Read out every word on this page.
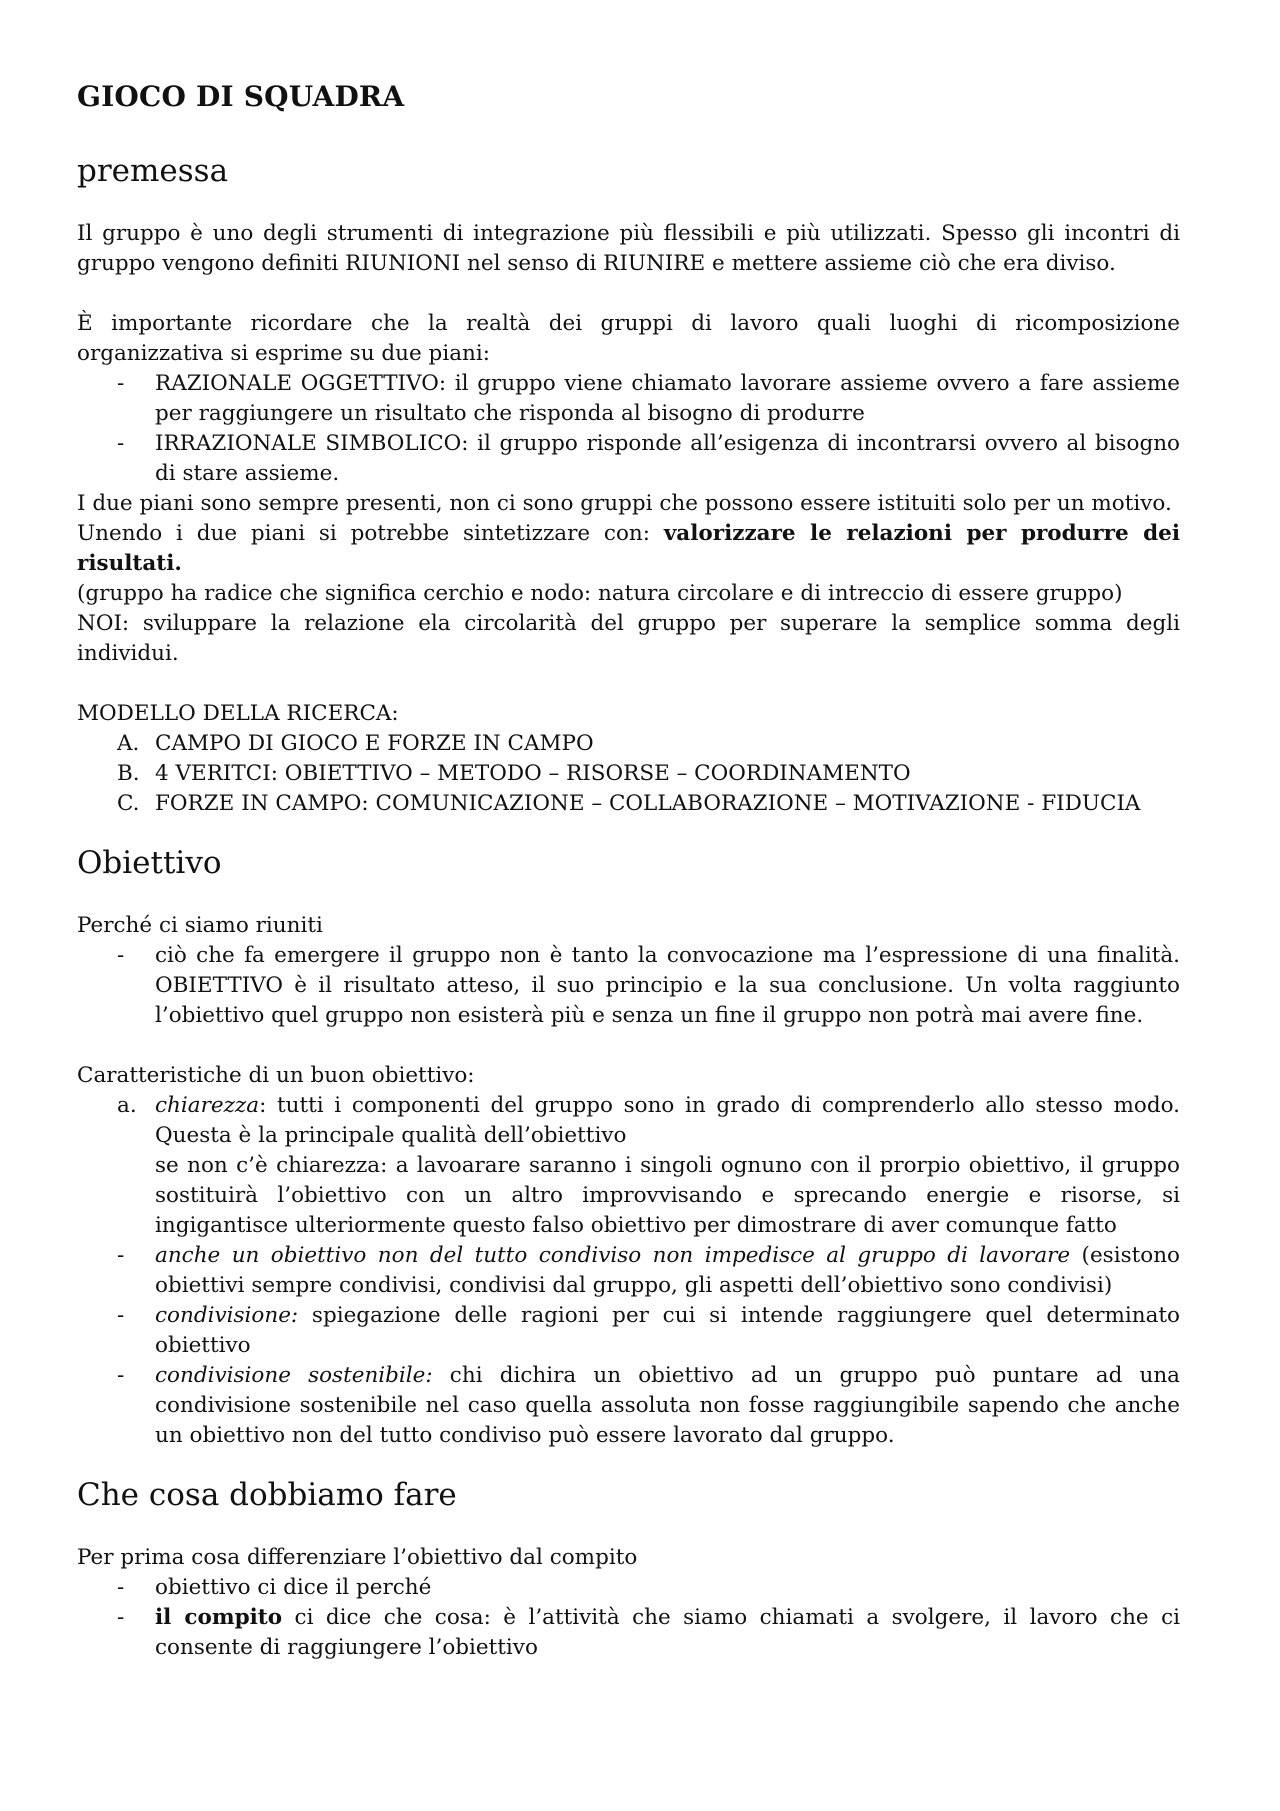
GIOCO DI SQUADRA
premessa

Il gruppo è uno degli strumenti di integrazione più flessibili e più utilizzati. Spesso gli incontri di gruppo vengono definiti RIUNIONI nel senso di RIUNIRE e mettere assieme ciò che era diviso.

È importante ricordare che la realtà dei gruppi di lavoro quali luoghi di ricomposizione organizzativa si esprime su due piani:

- RAZIONALE OGGETTIVO: il gruppo viene chiamato lavorare assieme ovvero a fare assieme per raggiungere un risultato che risponda al bisogno di produrre
- IRRAZIONALE SIMBOLICO: il gruppo risponde all’esigenza di incontrarsi ovvero al bisogno di stare assieme.

I due piani sono sempre presenti, non ci sono gruppi che possono essere istituiti solo per un motivo.

Unendo i due piani si potrebbe sintetizzare con: valorizzare le relazioni per produrre dei risultati.

(gruppo ha radice che significa cerchio e nodo: natura circolare e di intreccio di essere gruppo)

NOI: sviluppare la relazione ela circolarità del gruppo per superare la semplice somma degli individui.

MODELLO DELLA RICERCA:

A. CAMPO DI GIOCO E FORZE IN CAMPO
B. 4 VERITCI: OBIETTIVO – METODO – RISORSE – COORDINAMENTO
C. FORZE IN CAMPO: COMUNICAZIONE – COLLABORAZIONE – MOTIVAZIONE - FIDUCIA
Obiettivo

Perché ci siamo riuniti

- ciò che fa emergere il gruppo non è tanto la convocazione ma l’espressione di una finalità. OBIETTIVO è il risultato atteso, il suo principio e la sua conclusione. Un volta raggiunto l’obiettivo quel gruppo non esisterà più e senza un fine il gruppo non potrà mai avere fine.

Caratteristiche di un buon obiettivo:

a. chiarezza: tutti i componenti del gruppo sono in grado di comprenderlo allo stesso modo. Questa è la principale qualità dell’obiettivo
se non c’è chiarezza: a lavoarare saranno i singoli ognuno con il prorpio obiettivo, il gruppo sostituirà l’obiettivo con un altro improvvisando e sprecando energie e risorse, si ingigantisce ulteriormente questo falso obiettivo per dimostrare di aver comunque fatto
- anche un obiettivo non del tutto condiviso non impedisce al gruppo di lavorare (esistono obiettivi sempre condivisi, condivisi dal gruppo, gli aspetti dell’obiettivo sono condivisi)
- condivisione: spiegazione delle ragioni per cui si intende raggiungere quel determinato obiettivo
- condivisione sostenibile: chi dichira un obiettivo ad un gruppo può puntare ad una condivisione sostenibile nel caso quella assoluta non fosse raggiungibile sapendo che anche un obiettivo non del tutto condiviso può essere lavorato dal gruppo.
Che cosa dobbiamo fare

Per prima cosa differenziare l’obiettivo dal compito

- obiettivo ci dice il perché
- il compito ci dice che cosa: è l’attività che siamo chiamati a svolgere, il lavoro che ci consente di raggiungere l’obiettivo
